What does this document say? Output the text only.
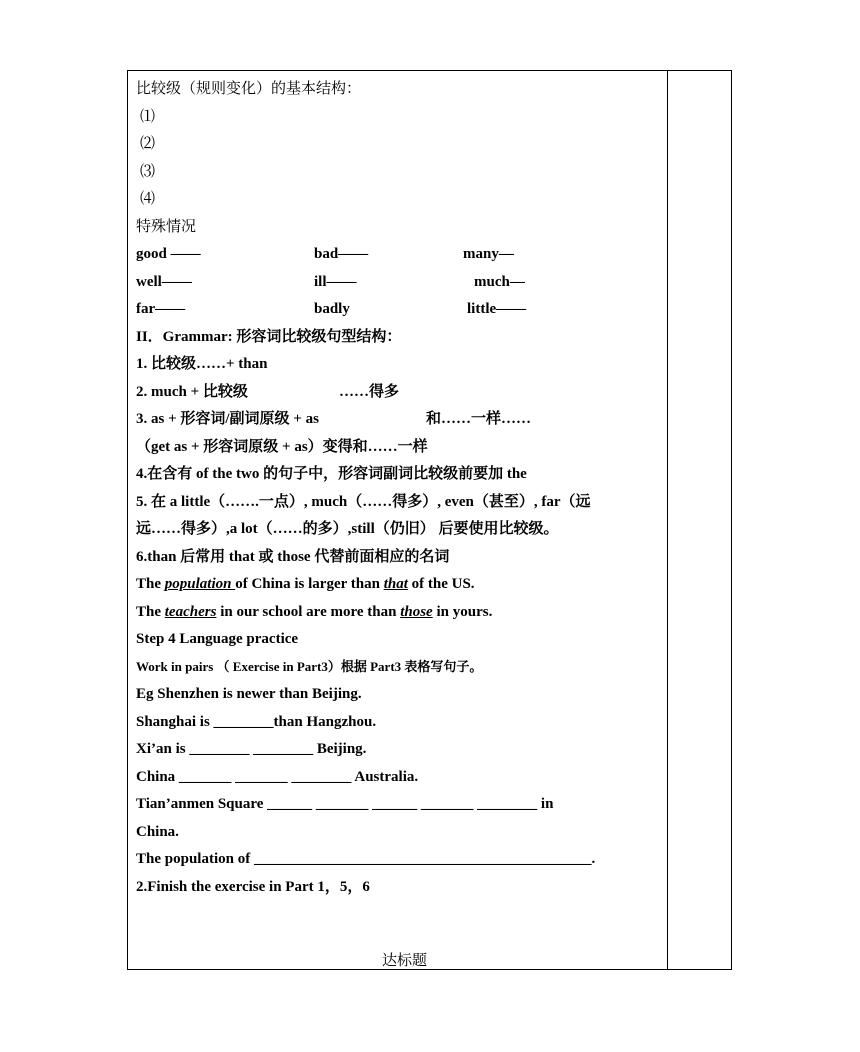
比较级（规则变化）的基本结构：
⑴
⑵
⑶
⑷
特殊情况
good ——	bad——	many—
well——	ill——	much—
far——	badly	little——
II．Grammar: 形容词比较级句型结构：
1. 比较级……+ than
2. much + 比较级	……得多
3. as + 形容词/副词原级 + as	和……一样……
（get as + 形容词原级 + as）变得和……一样
4.在含有 of the two 的句子中，形容词副词比较级前要加 the
5. 在 a little（…….一点）, much（……得多）, even（甚至）, far（远
远……得多）,a lot（……的多）,still（仍旧） 后要使用比较级。
6.than 后常用 that 或 those 代替前面相应的名词
The population of China is larger than that of the US.
The teachers in our school are more than those in yours.
Step 4 Language practice
Work in pairs （ Exercise in Part3）根据 Part3 表格写句子。
Eg Shenzhen is newer than Beijing.
Shanghai is ________than Hangzhou.
Xi’an is ________ ________ Beijing.
China _______ _______ ________ Australia.
Tian’anmen Square ______ _______ ______ _______ ________ in
China.
The population of _____________________________________________.
2.Finish the exercise in Part 1，5，6
达标题
